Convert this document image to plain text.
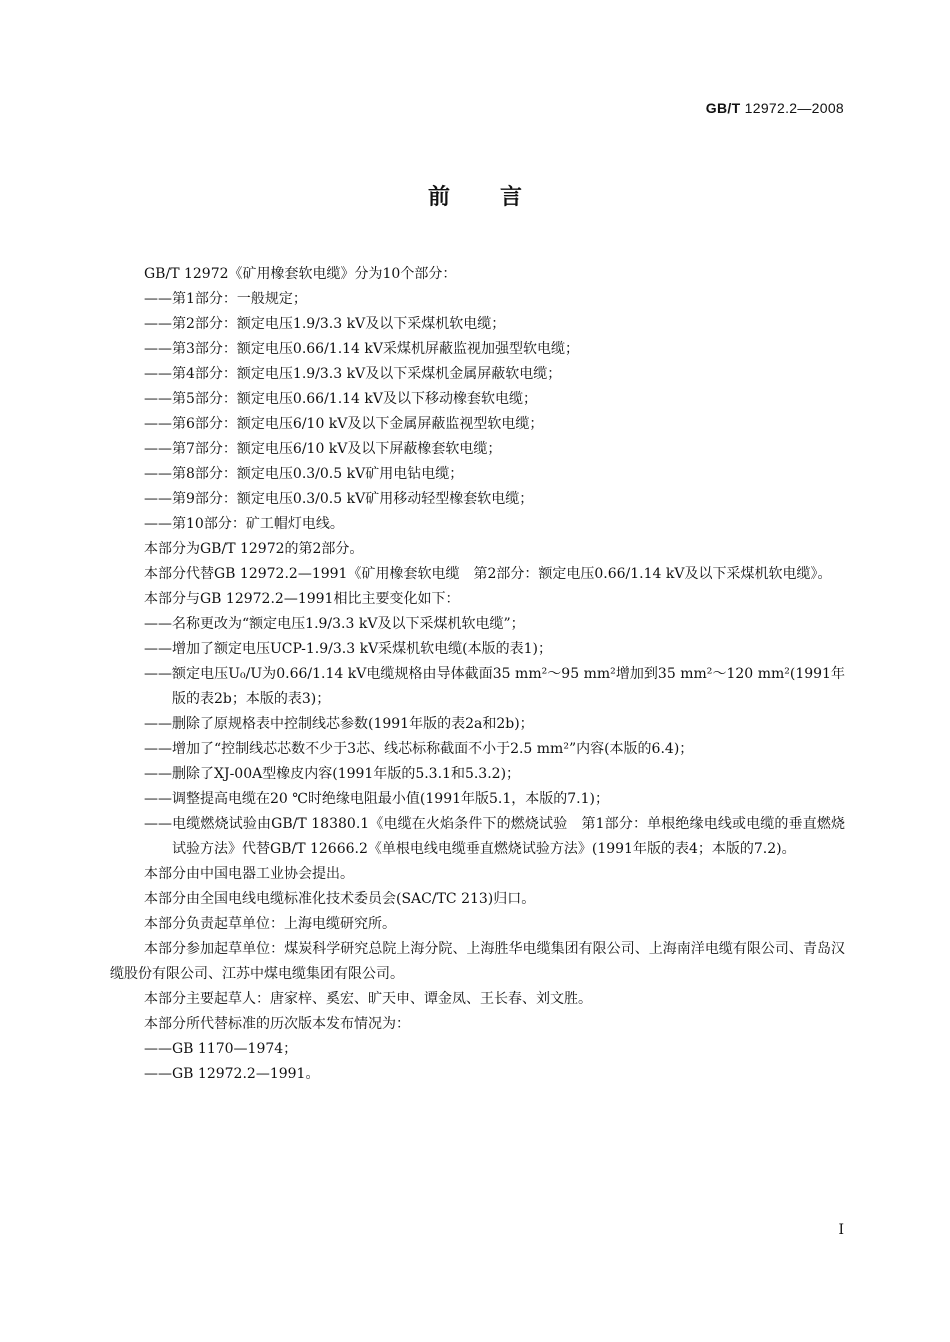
GB/T 12972.2—2008
前言
GB/T 12972《矿用橡套软电缆》分为10个部分：
——第1部分：一般规定；
——第2部分：额定电压1.9/3.3 kV及以下采煤机软电缆；
——第3部分：额定电压0.66/1.14 kV采煤机屏蔽监视加强型软电缆；
——第4部分：额定电压1.9/3.3 kV及以下采煤机金属屏蔽软电缆；
——第5部分：额定电压0.66/1.14 kV及以下移动橡套软电缆；
——第6部分：额定电压6/10 kV及以下金属屏蔽监视型软电缆；
——第7部分：额定电压6/10 kV及以下屏蔽橡套软电缆；
——第8部分：额定电压0.3/0.5 kV矿用电钻电缆；
——第9部分：额定电压0.3/0.5 kV矿用移动轻型橡套软电缆；
——第10部分：矿工帽灯电线。
本部分为GB/T 12972的第2部分。
本部分代替GB 12972.2—1991《矿用橡套软电缆　第2部分：额定电压0.66/1.14 kV及以下采煤机软电缆》。
本部分与GB 12972.2—1991相比主要变化如下：
——名称更改为“额定电压1.9/3.3 kV及以下采煤机软电缆”；
——增加了额定电压UCP-1.9/3.3 kV采煤机软电缆(本版的表1)；
——额定电压U₀/U为0.66/1.14 kV电缆规格由导体截面35 mm²～95 mm²增加到35 mm²～120 mm²(1991年版的表2b；本版的表3)；
——删除了原规格表中控制线芯参数(1991年版的表2a和2b)；
——增加了“控制线芯芯数不少于3芯、线芯标称截面不小于2.5 mm²”内容(本版的6.4)；
——删除了XJ-00A型橡皮内容(1991年版的5.3.1和5.3.2)；
——调整提高电缆在20 ℃时绝缘电阻最小值(1991年版5.1，本版的7.1)；
——电缆燃烧试验由GB/T 18380.1《电缆在火焰条件下的燃烧试验　第1部分：单根绝缘电线或电缆的垂直燃烧试验方法》代替GB/T 12666.2《单根电线电缆垂直燃烧试验方法》(1991年版的表4；本版的7.2)。
本部分由中国电器工业协会提出。
本部分由全国电线电缆标准化技术委员会(SAC/TC 213)归口。
本部分负责起草单位：上海电缆研究所。
本部分参加起草单位：煤炭科学研究总院上海分院、上海胜华电缆集团有限公司、上海南洋电缆有限公司、青岛汉缆股份有限公司、江苏中煤电缆集团有限公司。
本部分主要起草人：唐家梓、奚宏、旷天申、谭金凤、王长春、刘文胜。
本部分所代替标准的历次版本发布情况为：
——GB 1170—1974；
——GB 12972.2—1991。
I
